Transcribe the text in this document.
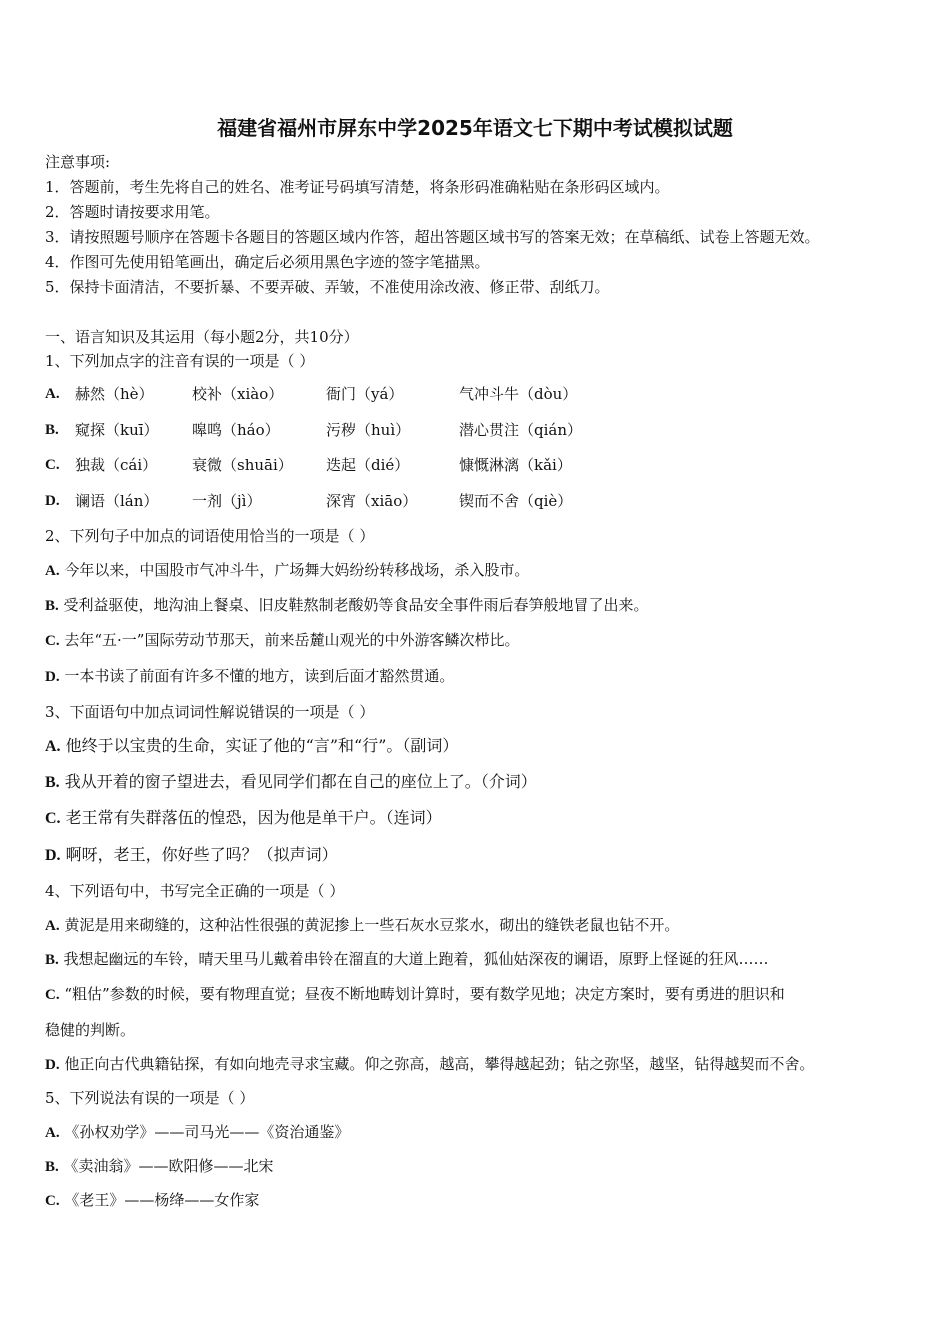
福建省福州市屏东中学2025年语文七下期中考试模拟试题
注意事项:
1．答题前，考生先将自己的姓名、准考证号码填写清楚，将条形码准确粘贴在条形码区域内。
2．答题时请按要求用笔。
3．请按照题号顺序在答题卡各题目的答题区域内作答，超出答题区域书写的答案无效；在草稿纸、试卷上答题无效。
4．作图可先使用铅笔画出，确定后必须用黑色字迹的签字笔描黑。
5．保持卡面清洁，不要折暴、不要弄破、弄皱，不准使用涂改液、修正带、刮纸刀。
一、语言知识及其运用（每小题2分，共10分）
1、下列加点字的注音有误的一项是（ ）
A. 赫然（hè）	校补（xiào）	衙门（yá）	气冲斗牛（dòu）
B. 窥探（kuī） 嗥鸣（háo）	污秽（huì）	潜心贯注（qián）
C. 独裁（cái） 衰微（shuāi） 迭起（dié）	慷慨淋漓（kǎi）
D. 谰语（lán） 一剂（jì）	深宵（xiāo）	锲而不舍（qiè）
2、下列句子中加点的词语使用恰当的一项是（ ）
A. 今年以来，中国股市气冲斗牛，广场舞大妈纷纷转移战场，杀入股市。
B. 受利益驱使，地沟油上餐桌、旧皮鞋熬制老酸奶等食品安全事件雨后春笋般地冒了出来。
C. 去年“五·一”国际劳动节那天，前来岳麓山观光的中外游客鳞次栉比。
D. 一本书读了前面有许多不懂的地方，读到后面才豁然贯通。
3、下面语句中加点词词性解说错误的一项是（ ）
A. 他终于以宝贵的生命，实证了他的“言”和“行”。（副词）
B. 我从开着的窗子望进去，看见同学们都在自己的座位上了。（介词）
C. 老王常有失群落伍的惶恐，因为他是单干户。（连词）
D. 啊呀，老王，你好些了吗？（拟声词）
4、下列语句中，书写完全正确的一项是（ ）
A. 黄泥是用来砌缝的，这种沾性很强的黄泥掺上一些石灰水豆浆水，砌出的缝铁老鼠也钻不开。
B. 我想起幽远的车铃，晴天里马儿戴着串铃在溜直的大道上跑着，狐仙姑深夜的谰语，原野上怪诞的狂风……
C. “粗估”参数的时候，要有物理直觉；昼夜不断地畴划计算时，要有数学见地；决定方案时，要有勇进的胆识和
稳健的判断。
D. 他正向古代典籍钻探，有如向地壳寻求宝藏。仰之弥高，越高，攀得越起劲；钻之弥坚，越坚，钻得越契而不舍。
5、下列说法有误的一项是（ ）
A. 《孙权劝学》——司马光——《资治通鉴》
B. 《卖油翁》——欧阳修——北宋
C. 《老王》——杨绛——女作家
